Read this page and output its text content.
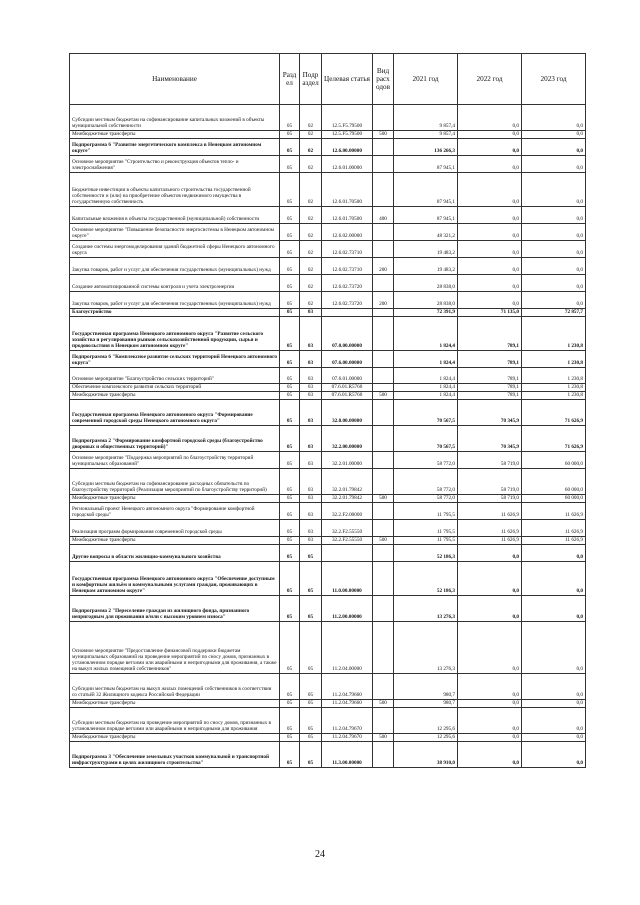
Наименование	Разд ел	Подр аздел	Целевая статья	Вид расх одов	2021 год	2022 год	2023 год
Субсидии местным бюджетам на софинансирование капитальных вложений в объекты муниципальной собственности	05	02	12.5.F5.79500		9 857,4	0,0	0,0
Межбюджетные трансферты	05	02	12.5.F5.79500	500	9 857,4	0,0	0,0
Подпрограмма 6 "Развитие энергетического комплекса в Ненецком автономном округе"	05	02	12.6.00.00000		136 266,3	0,0	0,0
Основное мероприятие "Строительство и реконструкция объектов тепло- и электроснабжения"	05	02	12.6.01.00000		87 945,1	0,0	0,0
Бюджетные инвестиции в объекты капитального строительства государственной собственности и (или) на приобретение объектов недвижимого имущества в государственную собственность	05	02	12.6.01.70500		87 945,1	0,0	0,0
Капитальные вложения в объекты государственной (муниципальной) собственности	05	02	12.6.01.70500	400	87 945,1	0,0	0,0
Основное мероприятие "Повышение безопасности энергосистемы в Ненецком автономном округе"	05	02	12.6.02.00000		48 321,2	0,0	0,0
Создание системы энергомоделирования зданий бюджетной сферы Ненецкого автономного округа	05	02	12.6.02.73710		19 483,2	0,0	0,0
Закупка товаров, работ и услуг для обеспечения государственных (муниципальных) нужд	05	02	12.6.02.73710	200	19 483,2	0,0	0,0
Создание автоматизированной системы контроля и учета электроэнергии	05	02	12.6.02.73720		28 838,0	0,0	0,0
Закупка товаров, работ и услуг для обеспечения государственных (муниципальных) нужд	05	02	12.6.02.73720	200	28 838,0	0,0	0,0
Благоустройство	05	03			72 391,9	71 135,0	72 857,7
Государственная программа Ненецкого автономного округа "Развитие сельского хозяйства и регулирования рынков сельскохозяйственной продукции, сырья и продовольствия в Ненецком автономном округе"	05	03	07.0.00.00000		1 824,4	789,1	1 230,8
Подпрограмма 6 "Комплексное развитие сельских территорий Ненецкого автономного округа"	05	03	07.6.00.00000		1 824,4	789,1	1 230,8
Основное мероприятие "Благоустройство сельских территорий"	05	03	07.6.01.00000		1 824,4	789,1	1 230,8
Обеспечение комплексного развития сельских территорий	05	03	07.6.01.R5760		1 824,4	789,1	1 230,8
Межбюджетные трансферты	05	03	07.6.01.R5760	500	1 824,4	789,1	1 230,8
Государственная программа Ненецкого автономного округа "Формирование современной городской среды Ненецкого автономного округа"	05	03	32.0.00.00000		70 567,5	70 345,9	71 626,9
Подпрограмма 2 "Формирование комфортной городской среды (благоустройство дворовых и общественных территорий)"	05	03	32.2.00.00000		70 567,5	70 345,9	71 626,9
Основное мероприятие "Поддержка мероприятий по благоустройству территорий муниципальных образований"	05	03	32.2.01.00000		58 772,0	58 719,0	60 000,0
Субсидии местным бюджетам на софинансирование расходных обязательств по благоустройству территорий (Реализация мероприятий по благоустройству территорий)	05	03	32.2.01.79842		58 772,0	58 719,0	60 000,0
Межбюджетные трансферты	05	03	32.2.01.79842	500	58 772,0	58 719,0	60 000,0
Региональный проект Ненецкого автономного округа "Формирование комфортной городской среды"	05	03	32.2.F2.00000		11 795,5	11 626,9	11 626,9
Реализация программ формирования современной городской среды	05	03	32.2.F2.55550		11 795,5	11 626,9	11 626,9
Межбюджетные трансферты	05	03	32.2.F2.55550	500	11 795,5	11 626,9	11 626,9
Другие вопросы в области жилищно-коммунального хозяйства	05	05			52 186,3	0,0	0,0
Государственная программа Ненецкого автономного округа "Обеспечение доступным и комфортным жильём и коммунальными услугами граждан, проживающих в Ненецком автономном округе"	05	05	11.0.00.00000		52 186,3	0,0	0,0
Подпрограмма 2 "Переселение граждан из жилищного фонда, признанного непригодным для проживания и/или с высоким уровнем износа"	05	05	11.2.00.00000		13 276,3	0,0	0,0
Основное мероприятие "Предоставление финансовой поддержки бюджетам муниципальных образований на проведение мероприятий по сносу домов, признанных в установленном порядке ветхими или аварийными и непригодными для проживания, а также на выкуп жилых помещений собственников"	05	05	11.2.04.00000		13 276,3	0,0	0,0
Субсидии местным бюджетам на выкуп жилых помещений собственников в соответствии со статьёй 32 Жилищного кодекса Российской Федерации	05	05	11.2.04.79660		980,7	0,0	0,0
Межбюджетные трансферты	05	05	11.2.04.79660	500	980,7	0,0	0,0
Субсидии местным бюджетам на проведение мероприятий по сносу домов, признанных в установленном порядке ветхими или аварийными и непригодными для проживания	05	05	11.2.04.79670		12 295,6	0,0	0,0
Межбюджетные трансферты	05	05	11.2.04.79670	500	12 295,6	0,0	0,0
Подпрограмма 3 "Обеспечение земельных участков коммунальной и транспортной инфраструктурами в целях жилищного строительства"	05	05	11.3.00.00000		38 910,0	0,0	0,0
24
